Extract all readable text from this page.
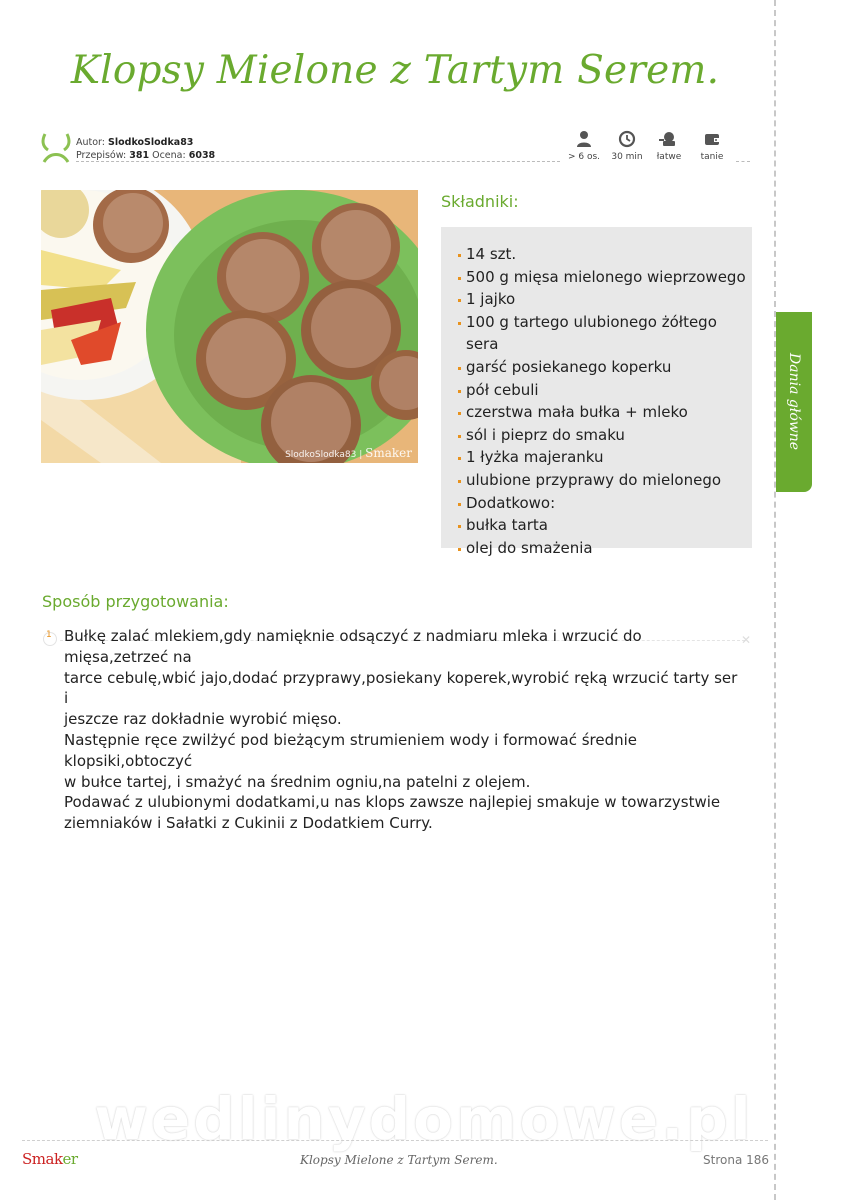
Klopsy Mielone z Tartym Serem.
Autor: SlodkoSlodka83
Przepisów: 381 Ocena: 6038	> 6 os.	30 min	łatwe	tanie
SlodkoSlodka83 | Smaker
Składniki:
14 szt.
500 g mięsa mielonego wieprzowego
1 jajko
100 g tartego ulubionego żółtego sera
garść posiekanego koperku
pół cebuli
czerstwa mała bułka + mleko
sól i pieprz do smaku
1 łyżka majeranku
ulubione przyprawy do mielonego
Dodatkowo:
bułka tarta
olej do smażenia
Dania główne
Sposób przygotowania:
1	✕
Bułkę zalać mlekiem,gdy namięknie odsączyć z nadmiaru mleka i wrzucić do mięsa,zetrzeć na
tarce cebulę,wbić jajo,dodać przyprawy,posiekany koperek,wyrobić ręką wrzucić tarty ser i
jeszcze raz dokładnie wyrobić mięso.
Następnie ręce zwilżyć pod bieżącym strumieniem wody i formować średnie klopsiki,obtoczyć
w bułce tartej, i smażyć na średnim ogniu,na patelni z olejem.
Podawać z ulubionymi dodatkami,u nas klops zawsze najlepiej smakuje w towarzystwie
ziemniaków i Sałatki z Cukinii z Dodatkiem Curry.
wedlinydomowe.pl
Smaker	Klopsy Mielone z Tartym Serem.	Strona 186
